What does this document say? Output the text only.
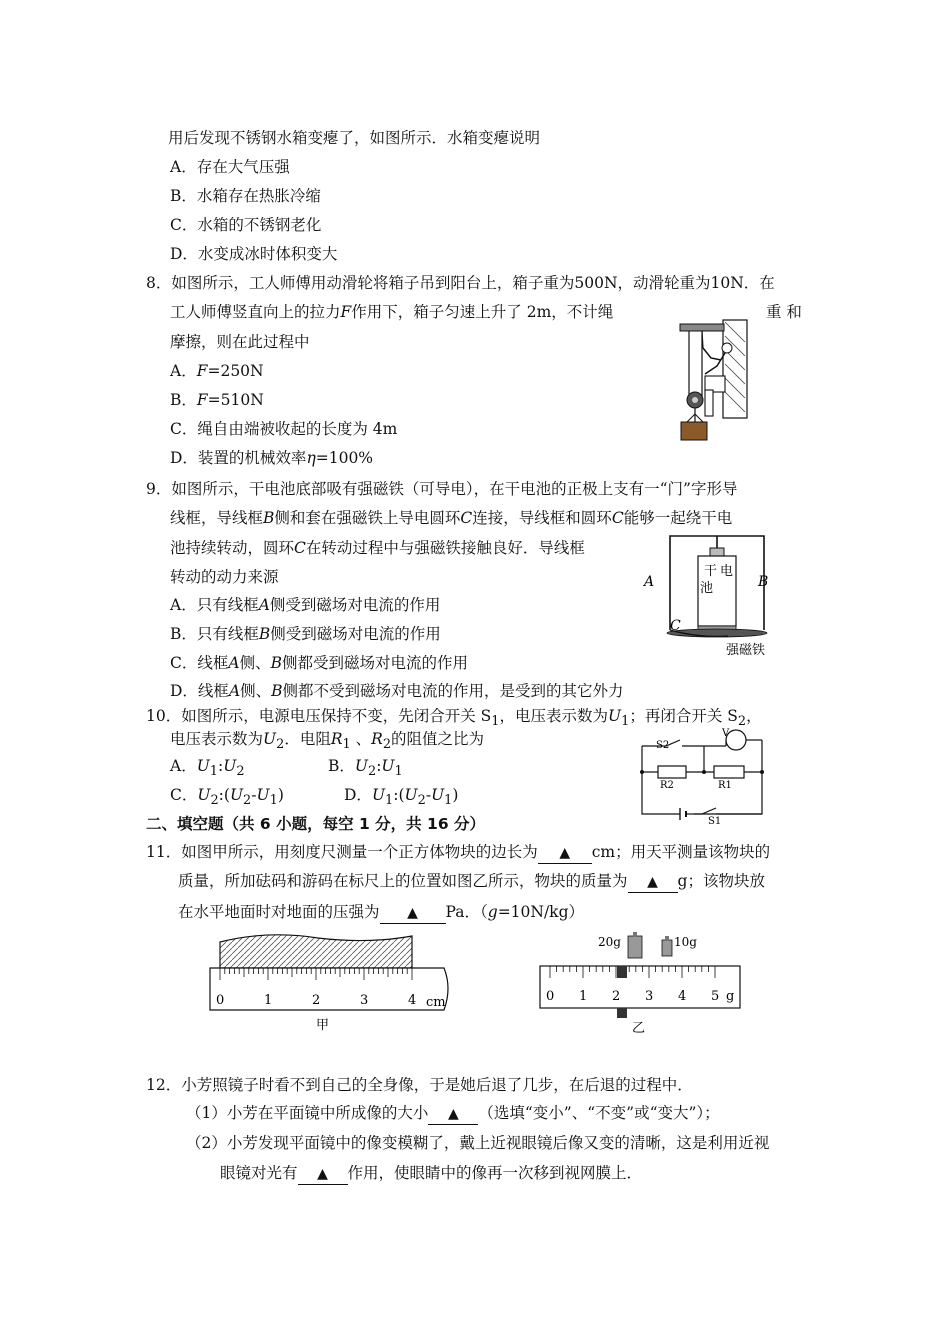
用后发现不锈钢水箱变瘪了，如图所示．水箱变瘪说明
A．存在大气压强
B．水箱存在热胀冷缩
C．水箱的不锈钢老化
D．水变成冰时体积变大
8．如图所示，工人师傅用动滑轮将箱子吊到阳台上，箱子重为500N，动滑轮重为10N．在
工人师傅竖直向上的拉力F作用下，箱子匀速上升了 2m，不计绳	重 和
摩擦，则在此过程中
A．F=250N
B．F=510N
C．绳自由端被收起的长度为 4m
D．装置的机械效率η=100%
9．如图所示，干电池底部吸有强磁铁（可导电），在干电池的正极上支有一“门”字形导
线框，导线框B侧和套在强磁铁上导电圆环C连接，导线框和圆环C能够一起绕干电
池持续转动，圆环C在转动过程中与强磁铁接触良好．导线框
转动的动力来源
A．只有线框A侧受到磁场对电流的作用
B．只有线框B侧受到磁场对电流的作用
C．线框A侧、B侧都受到磁场对电流的作用
D．线框A侧、B侧都不受到磁场对电流的作用，是受到的其它外力
干 电
池
A	B
C
强磁铁
10．如图所示，电源电压保持不变，先闭合开关 $S_1$，电压表示数为$U_1$；再闭合开关 $S_2$，
电压表示数为$U_2$．电阻$R_1$ 、$R_2$的阻值之比为
A．$U_1:U_2$	B．$U_2:U_1$
C．$U_2:(U_2-U_1)$	D．$U_1:(U_2-U_1)$
S2
V
R2	R1
S1
二、填空题（共 6 小题，每空 1 分，共 16 分）
11．如图甲所示，用刻度尺测量一个正方体物块的边长为 ▲ cm；用天平测量该物块的
质量，所加砝码和游码在标尺上的位置如图乙所示，物块的质量为 ▲ g；该物块放
在水平地面时对地面的压强为 ▲ Pa．（g=10N/kg）
0	1	2	3	4 cm
甲
20g	10g
0 1 2 3 4 5 g
乙
12．小芳照镜子时看不到自己的全身像，于是她后退了几步，在后退的过程中．
（1）小芳在平面镜中所成像的大小 ▲ （选填“变小”、“不变”或“变大”）；
（2）小芳发现平面镜中的像变模糊了，戴上近视眼镜后像又变的清晰，这是利用近视
眼镜对光有 ▲ 作用，使眼睛中的像再一次移到视网膜上．
